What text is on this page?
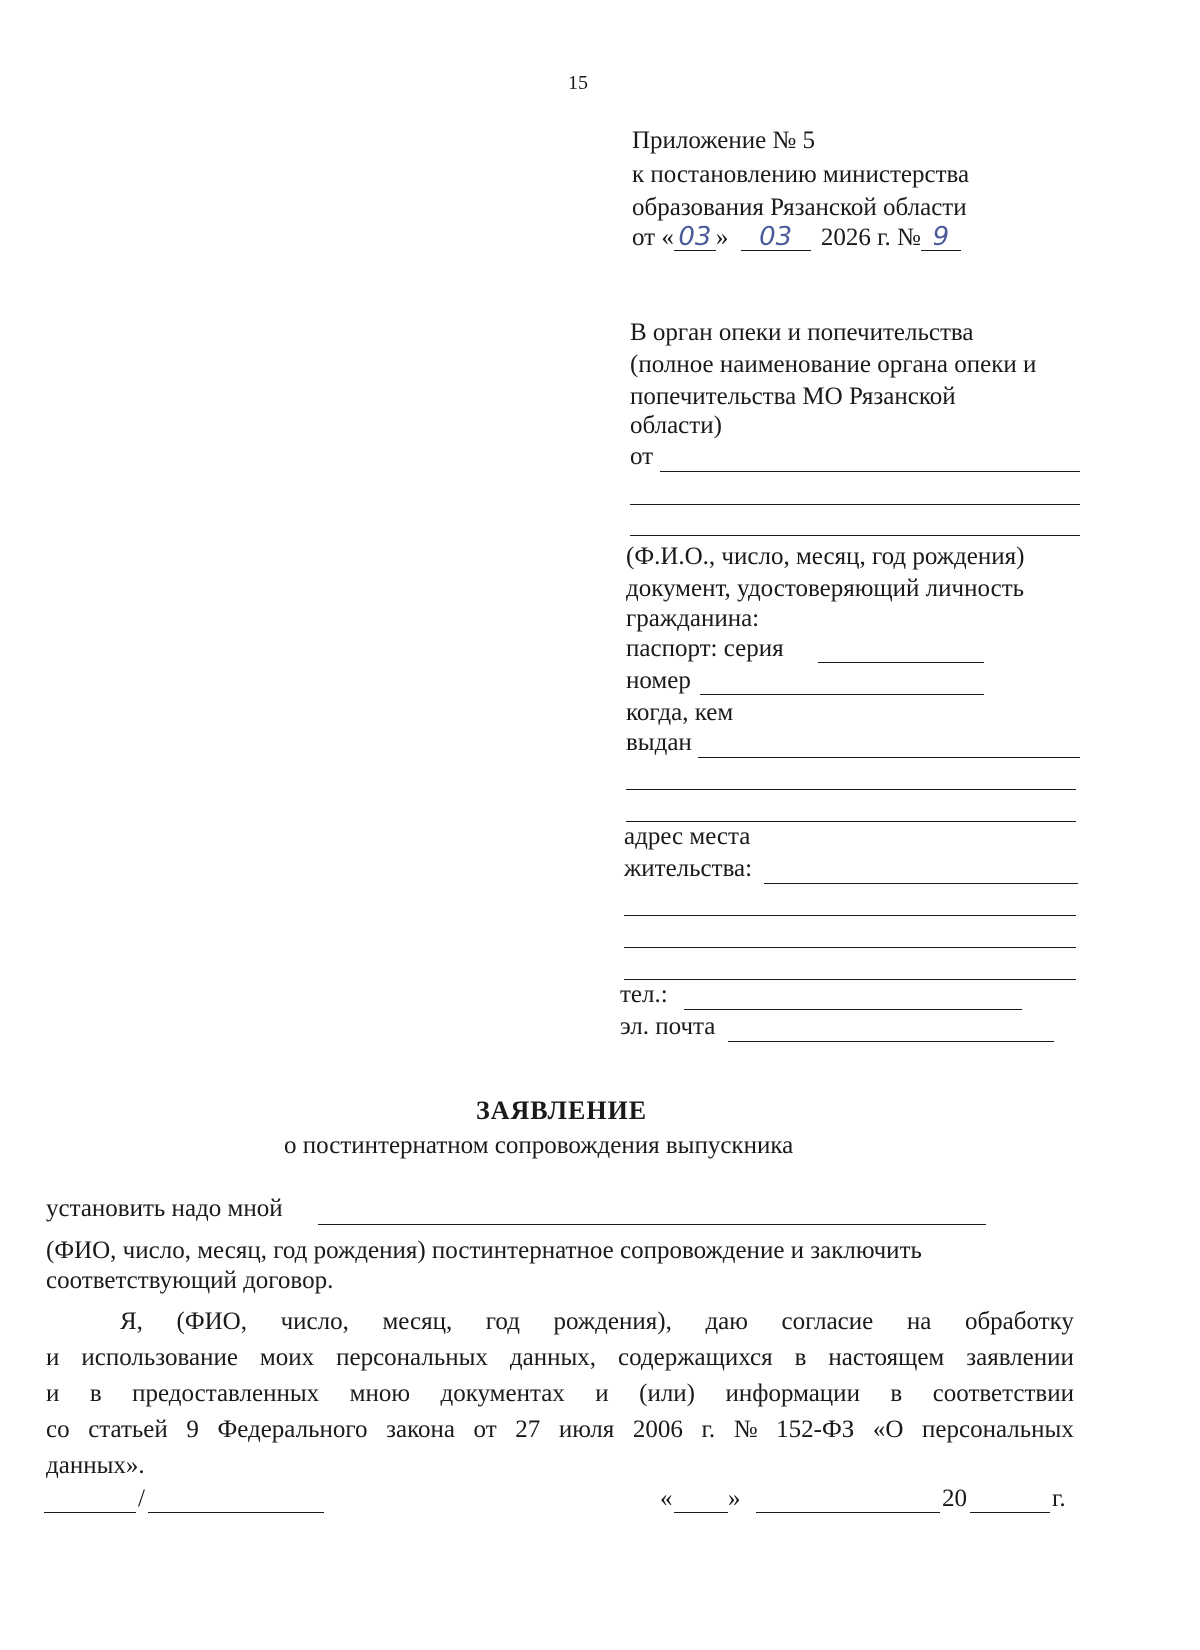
15
Приложение № 5
к постановлению министерства
образования Рязанской области
от « 03 » 03 2026 г. № 9
В орган опеки и попечительства
(полное наименование органа опеки и
попечительства МО Рязанской
области)
от
(Ф.И.О., число, месяц, год рождения)
документ, удостоверяющий личность
гражданина:
паспорт: серия
номер
когда, кем
выдан
адрес места
жительства:
тел.:
эл. почта
ЗАЯВЛЕНИЕ
о постинтернатном сопровождения выпускника
установить надо мной
(ФИО, число, месяц, год рождения) постинтернатное сопровождение и заключить
соответствующий договор.
Я, (ФИО, число, месяц, год рождения), даю согласие на обработку
и использование моих персональных данных, содержащихся в настоящем заявлении
и в предоставленных мною документах и (или) информации в соответствии
со статьей 9 Федерального закона от 27 июля 2006 г. № 152-ФЗ «О персональных
данных».
/	« »	20	г.
